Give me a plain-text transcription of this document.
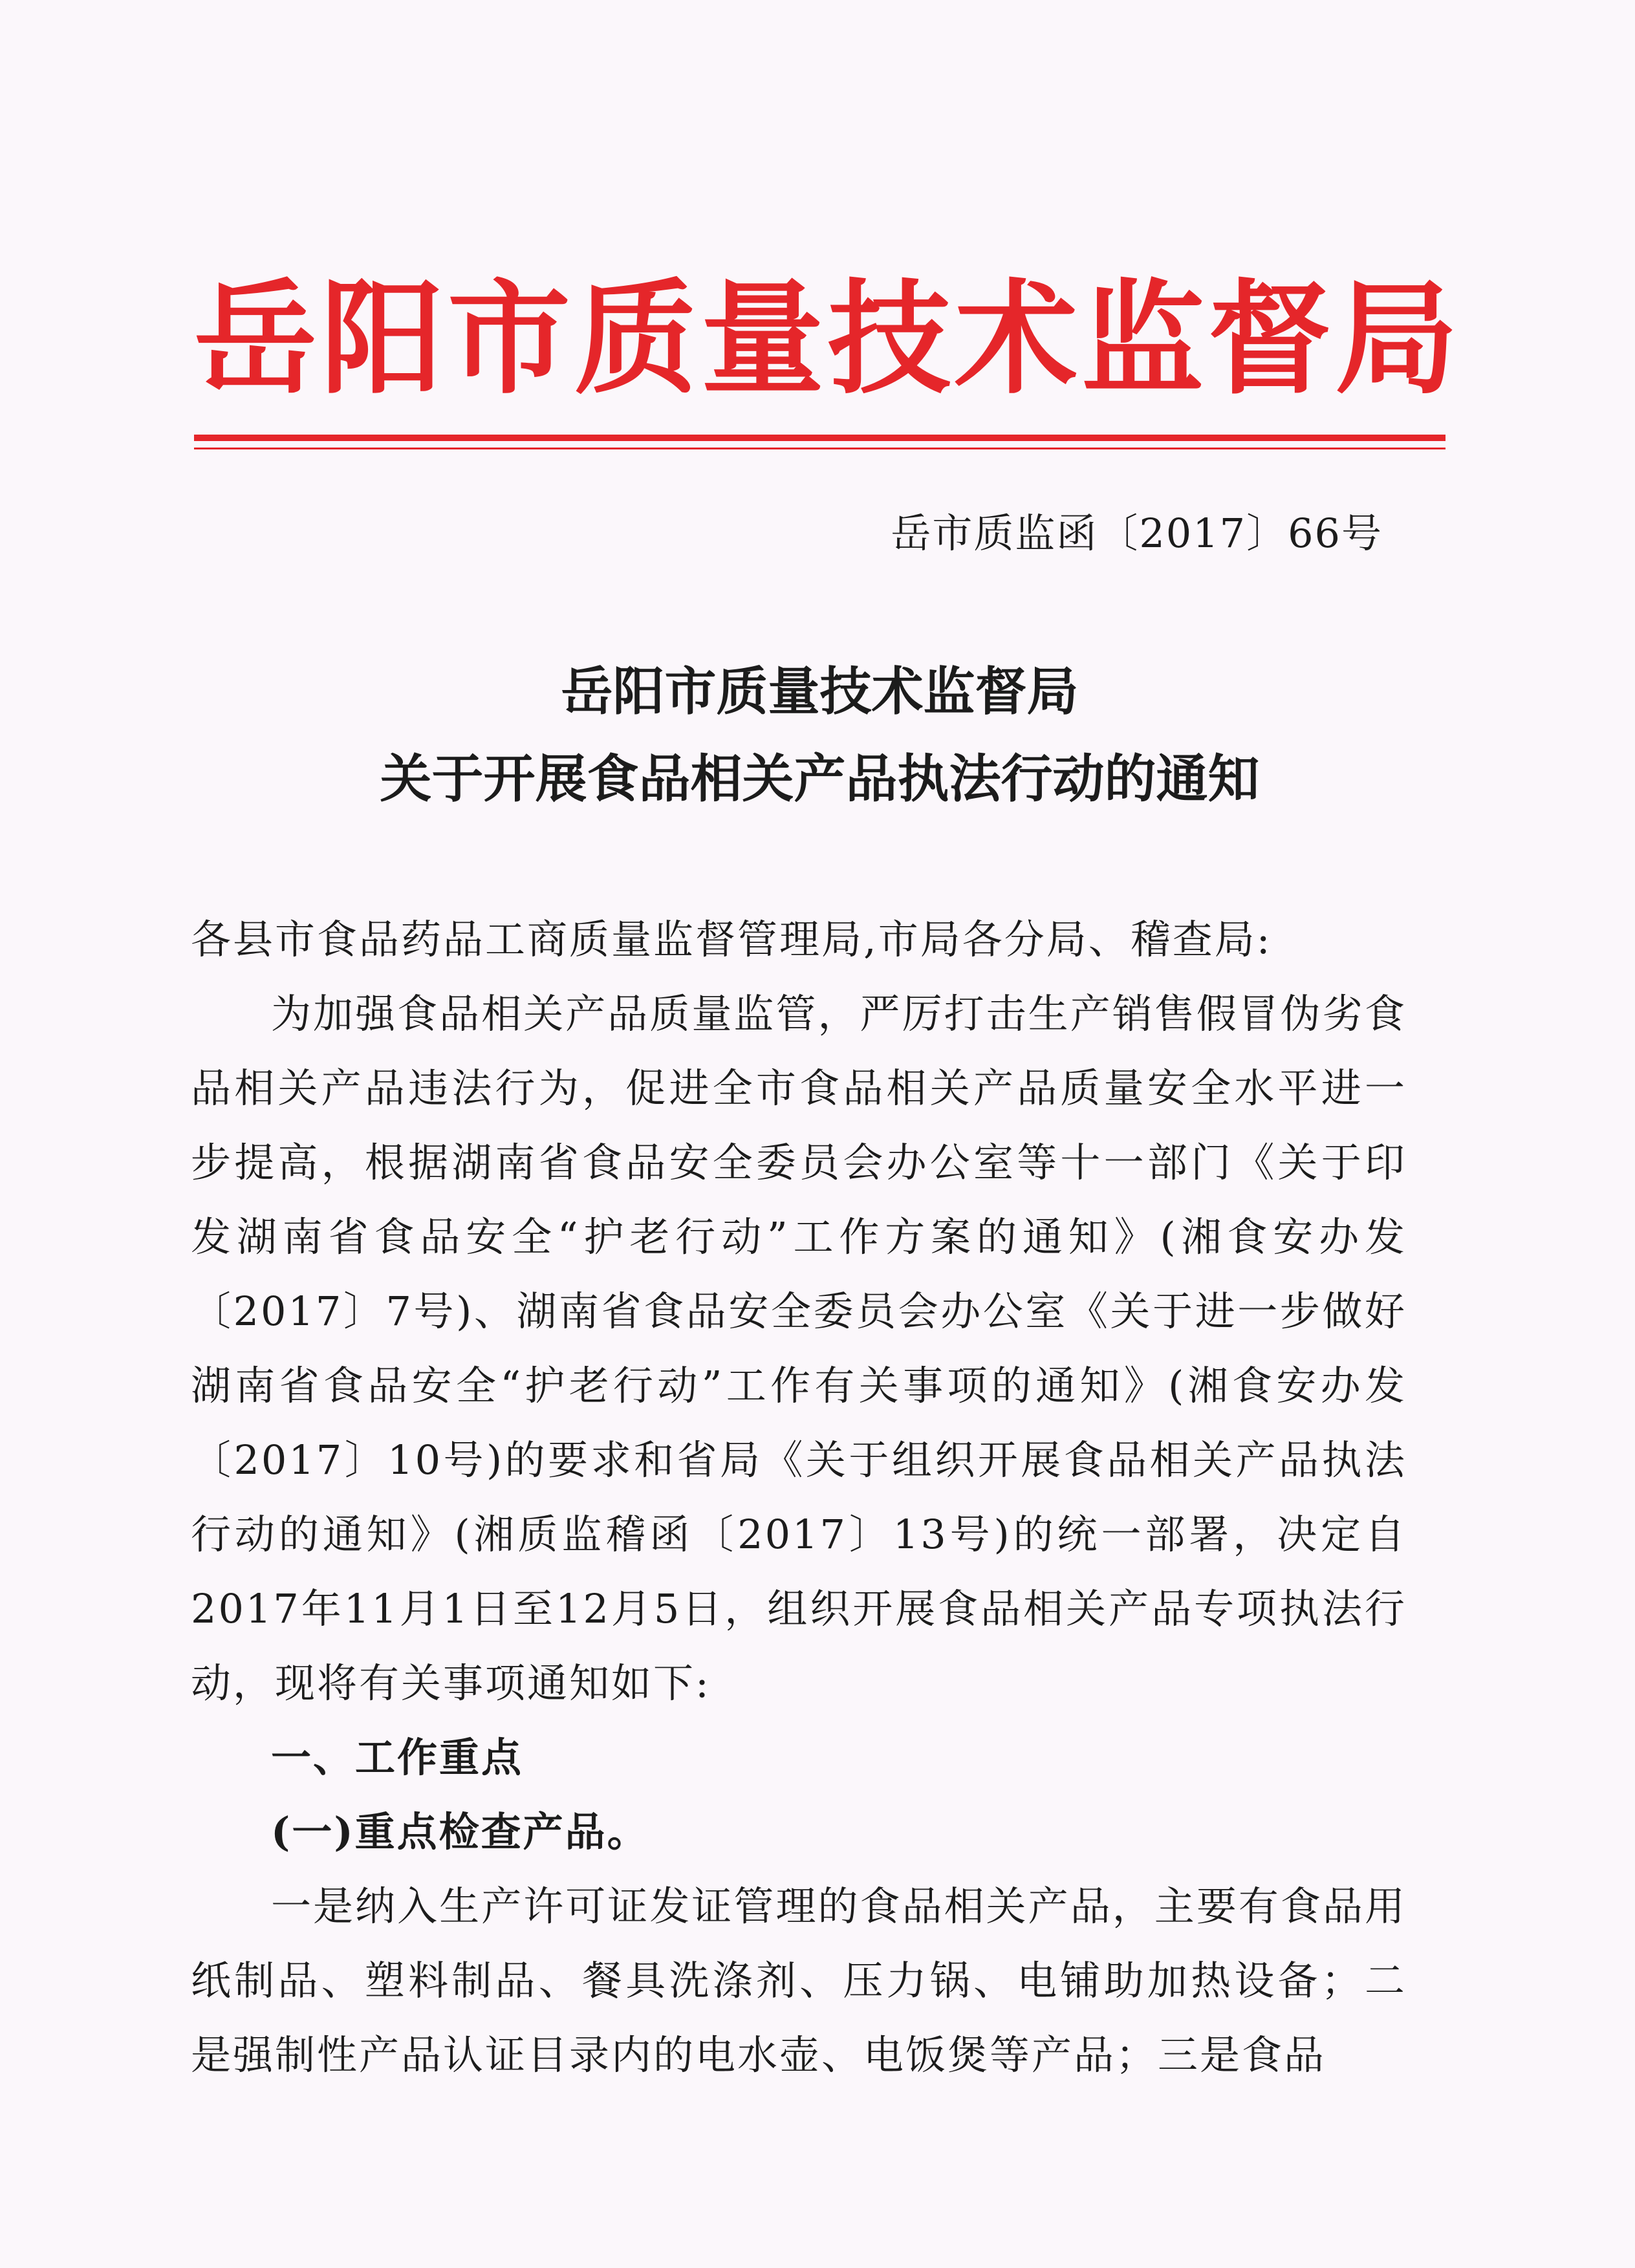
岳阳市质量技术监督局
岳市质监函〔2017〕66号
岳阳市质量技术监督局
关于开展食品相关产品执法行动的通知

各县市食品药品工商质量监督管理局,市局各分局、稽查局:

为加强食品相关产品质量监管，严厉打击生产销售假冒伪劣食品相关产品违法行为，促进全市食品相关产品质量安全水平进一步提高，根据湖南省食品安全委员会办公室等十一部门《关于印发湖南省食品安全“护老行动”工作方案的通知》(湘食安办发〔2017〕7号)、湖南省食品安全委员会办公室《关于进一步做好湖南省食品安全“护老行动”工作有关事项的通知》(湘食安办发〔2017〕10号)的要求和省局《关于组织开展食品相关产品执法行动的通知》(湘质监稽函〔2017〕13号)的统一部署，决定自2017年11月1日至12月5日，组织开展食品相关产品专项执法行动，现将有关事项通知如下:

一、工作重点

(一)重点检查产品。

一是纳入生产许可证发证管理的食品相关产品，主要有食品用纸制品、塑料制品、餐具洗涤剂、压力锅、电铺助加热设备；二是强制性产品认证目录内的电水壶、电饭煲等产品；三是食品
